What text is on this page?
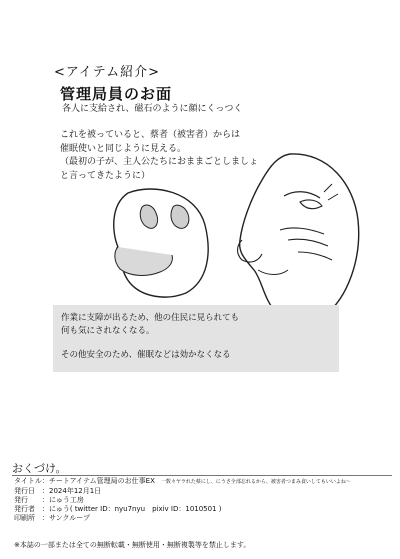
<アイテム紹介>
管理局員のお面
各人に支給され、磁石のように顔にくっつく
これを被っていると、蔡者（被害者）からは
催眠使いと同じように見える。
（最初の子が、主人公たちにおままごとしましょ
と言ってきたように）
作業に支障が出るため、他の住民に見られても
何も気にされなくなる。
その他安全のため、催眠などは効かなくなる
おくづけ。
タイトル：チートアイテム管理局のお仕事EX 一数々ヤラれた蔡にし、にうさ全部忘れるから、被害者つまみ食いしてもいいよね〜
発行日　：2024年12月1日
発行　　：にゅう工房
発行者　：にゅう( twitter ID：nyu7nyu　pixiv ID：1010501 )
印刷所　：サンクループ
※本誌の一部または全ての無断転載・無断使用・無断複製等を禁止します。
